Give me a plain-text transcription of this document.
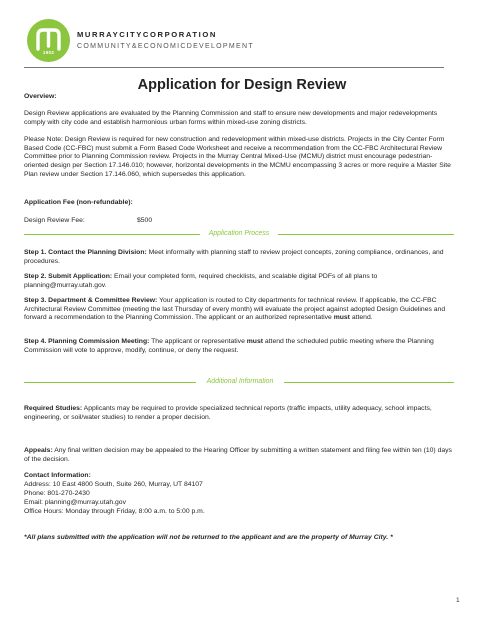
1903
MURRAYCITYCORPORATION
COMMUNITY&ECONOMICDEVELOPMENT
Application for Design Review
Overview:

Design Review applications are evaluated by the Planning Commission and staff to ensure new developments and major redevelopments comply with city code and establish harmonious urban forms within mixed-use zoning districts.

Please Note: Design Review is required for new construction and redevelopment within mixed-use districts. Projects in the City Center Form Based Code (CC-FBC) must submit a Form Based Code Worksheet and receive a recommendation from the CC-FBC Architectural Review Committee prior to Planning Commission review. Projects in the Murray Central Mixed-Use (MCMU) district must encourage pedestrian-oriented design per Section 17.146.010; however, horizontal developments in the MCMU encompassing 3 acres or more require a Master Site Plan review under Section 17.146.060, which supersedes this application.

Application Fee (non-refundable):
Design Review Fee:	$500
Application Process

Step 1. Contact the Planning Division: Meet informally with planning staff to review project concepts, zoning compliance, ordinances, and procedures.

Step 2. Submit Application: Email your completed form, required checklists, and scalable digital PDFs of all plans to planning@murray.utah.gov.

Step 3. Department & Committee Review: Your application is routed to City departments for technical review. If applicable, the CC-FBC Architectural Review Committee (meeting the last Thursday of every month) will evaluate the project against adopted Design Guidelines and forward a recommendation to the Planning Commission. The applicant or an authorized representative must attend.

Step 4. Planning Commission Meeting: The applicant or representative must attend the scheduled public meeting where the Planning Commission will vote to approve, modify, continue, or deny the request.

Additional Information

Required Studies: Applicants may be required to provide specialized technical reports (traffic impacts, utility adequacy, school impacts, engineering, or soil/water studies) to render a proper decision.

Appeals: Any final written decision may be appealed to the Hearing Officer by submitting a written statement and filing fee within ten (10) days of the decision.

Contact Information:
Address: 10 East 4800 South, Suite 260, Murray, UT 84107
Phone: 801-270-2430
Email: planning@murray.utah.gov
Office Hours: Monday through Friday, 8:00 a.m. to 5:00 p.m.
*All plans submitted with the application will not be returned to the applicant and are the property of Murray City. *
1
